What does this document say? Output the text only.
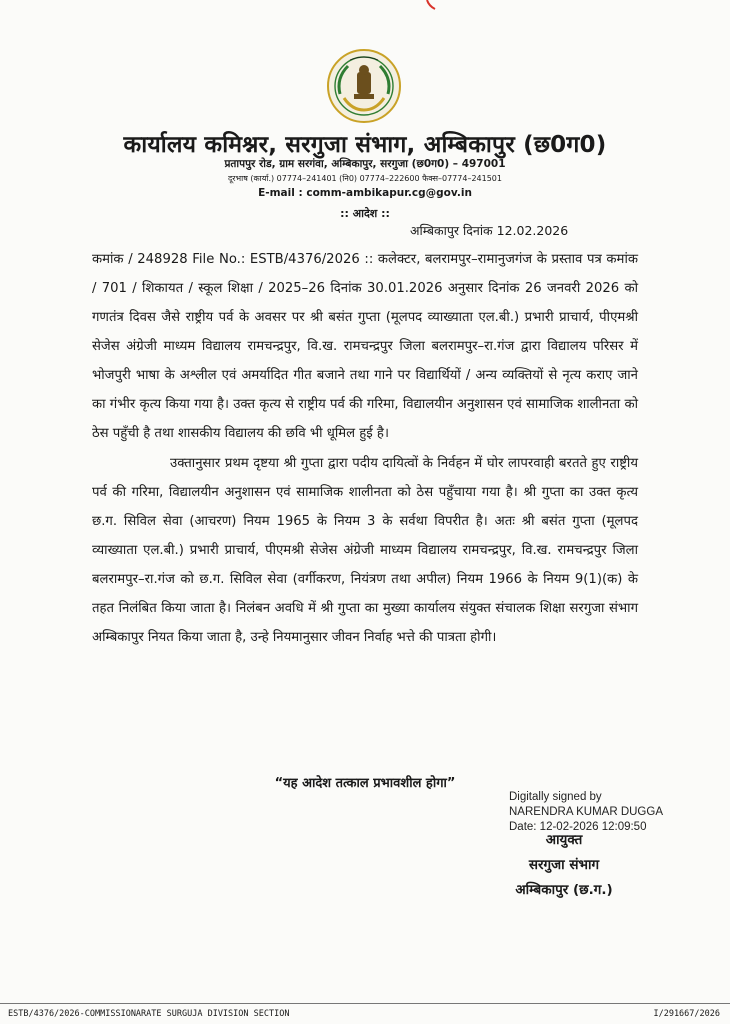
कार्यालय कमिश्नर, सरगुजा संभाग, अम्बिकापुर (छ0ग0)
प्रतापपुर रोड, ग्राम सरगंवा, अम्बिकापुर, सरगुजा (छ0ग0) – 497001
दूरभाष (कार्या.) 07774–241401 (नि0) 07774–222600 फैक्स–07774–241501
E-mail : comm-ambikapur.cg@gov.in
:: आदेश ::
अम्बिकापुर दिनांक 12.02.2026

कमांक / 248928 File No.: ESTB/4376/2026 :: कलेक्टर, बलरामपुर–रामानुजगंज के प्रस्ताव पत्र कमांक / 701 / शिकायत / स्कूल शिक्षा / 2025–26 दिनांक 30.01.2026 अनुसार दिनांक 26 जनवरी 2026 को गणतंत्र दिवस जैसे राष्ट्रीय पर्व के अवसर पर श्री बसंत गुप्ता (मूलपद व्याख्याता एल.बी.) प्रभारी प्राचार्य, पीएमश्री सेजेस अंग्रेजी माध्यम विद्यालय रामचन्द्रपुर, वि.ख. रामचन्द्रपुर जिला बलरामपुर–रा.गंज द्वारा विद्यालय परिसर में भोजपुरी भाषा के अश्लील एवं अमर्यादित गीत बजाने तथा गाने पर विद्यार्थियों / अन्य व्यक्तियों से नृत्य कराए जाने का गंभीर कृत्य किया गया है। उक्त कृत्य से राष्ट्रीय पर्व की गरिमा, विद्यालयीन अनुशासन एवं सामाजिक शालीनता को ठेस पहुँची है तथा शासकीय विद्यालय की छवि भी धूमिल हुई है।

उक्तानुसार प्रथम दृष्टया श्री गुप्ता द्वारा पदीय दायित्वों के निर्वहन में घोर लापरवाही बरतते हुए राष्ट्रीय पर्व की गरिमा, विद्यालयीन अनुशासन एवं सामाजिक शालीनता को ठेस पहुँचाया गया है। श्री गुप्ता का उक्त कृत्य छ.ग. सिविल सेवा (आचरण) नियम 1965 के नियम 3 के सर्वथा विपरीत है। अतः श्री बसंत गुप्ता (मूलपद व्याख्याता एल.बी.) प्रभारी प्राचार्य, पीएमश्री सेजेस अंग्रेजी माध्यम विद्यालय रामचन्द्रपुर, वि.ख. रामचन्द्रपुर जिला बलरामपुर–रा.गंज को छ.ग. सिविल सेवा (वर्गीकरण, नियंत्रण तथा अपील) नियम 1966 के नियम 9(1)(क) के तहत निलंबित किया जाता है। निलंबन अवधि में श्री गुप्ता का मुख्या कार्यालय संयुक्त संचालक शिक्षा सरगुजा संभाग अम्बिकापुर नियत किया जाता है, उन्हे नियमानुसार जीवन निर्वाह भत्ते की पात्रता होगी।

“यह आदेश तत्काल प्रभावशील होगा”
Digitally signed by
NARENDRA KUMAR DUGGA
Date: 12-02-2026 12:09:50
आयुक्त
सरगुजा संभाग
अम्बिकापुर (छ.ग.)
ESTB/4376/2026-COMMISSIONARATE SURGUJA DIVISION SECTION	I/291667/2026
